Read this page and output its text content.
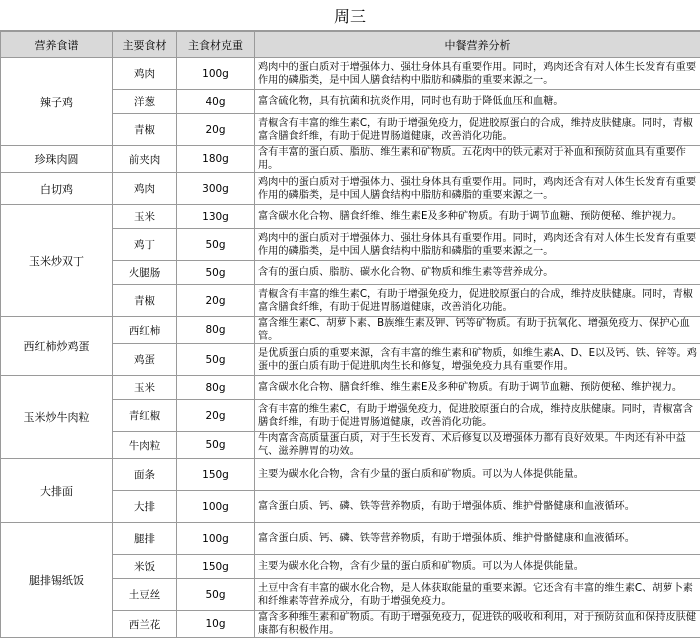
周三
营养食谱	主要食材	主食材克重	中餐营养分析
辣子鸡	鸡肉	100g	鸡肉中的蛋白质对于增强体力、强壮身体具有重要作用。同时，鸡肉还含有对人体生长发育有重要作用的磷脂类，是中国人膳食结构中脂肪和磷脂的重要来源之一。
	洋葱	40g	富含硫化物，具有抗菌和抗炎作用，同时也有助于降低血压和血糖。
	青椒	20g	青椒含有丰富的维生素C，有助于增强免疫力，促进胶原蛋白的合成，维持皮肤健康。同时，青椒富含膳食纤维，有助于促进胃肠道健康，改善消化功能。
珍珠肉圆	前夹肉	180g	含有丰富的蛋白质、脂肪、维生素和矿物质。五花肉中的铁元素对于补血和预防贫血具有重要作用。
白切鸡	鸡肉	300g	鸡肉中的蛋白质对于增强体力、强壮身体具有重要作用。同时，鸡肉还含有对人体生长发育有重要作用的磷脂类，是中国人膳食结构中脂肪和磷脂的重要来源之一。
玉米炒双丁	玉米	130g	富含碳水化合物、膳食纤维、维生素E及多种矿物质。有助于调节血糖、预防便秘、维护视力。
	鸡丁	50g	鸡肉中的蛋白质对于增强体力、强壮身体具有重要作用。同时，鸡肉还含有对人体生长发育有重要作用的磷脂类，是中国人膳食结构中脂肪和磷脂的重要来源之一。
	火腿肠	50g	含有的蛋白质、脂肪、碳水化合物、矿物质和维生素等营养成分。
	青椒	20g	青椒含有丰富的维生素C，有助于增强免疫力，促进胶原蛋白的合成，维持皮肤健康。同时，青椒富含膳食纤维，有助于促进胃肠道健康，改善消化功能。
西红柿炒鸡蛋	西红柿	80g	富含维生素C、胡萝卜素、B族维生素及钾、钙等矿物质。有助于抗氧化、增强免疫力、保护心血管。
	鸡蛋	50g	是优质蛋白质的重要来源，含有丰富的维生素和矿物质，如维生素A、D、E以及钙、铁、锌等。鸡蛋中的蛋白质有助于促进肌肉生长和修复，增强免疫力具有重要作用。
玉米炒牛肉粒	玉米	80g	富含碳水化合物、膳食纤维、维生素E及多种矿物质。有助于调节血糖、预防便秘、维护视力。
	青红椒	20g	含有丰富的维生素C，有助于增强免疫力，促进胶原蛋白的合成，维持皮肤健康。同时，青椒富含膳食纤维，有助于促进胃肠道健康，改善消化功能。
	牛肉粒	50g	牛肉富含高质量蛋白质，对于生长发育、术后修复以及增强体力都有良好效果。牛肉还有补中益气、滋养脾胃的功效。
大排面	面条	150g	主要为碳水化合物，含有少量的蛋白质和矿物质。可以为人体提供能量。
	大排	100g	富含蛋白质、钙、磷、铁等营养物质，有助于增强体质、维护骨骼健康和血液循环。
腿排锡纸饭	腿排	100g	富含蛋白质、钙、磷、铁等营养物质，有助于增强体质、维护骨骼健康和血液循环。
	米饭	150g	主要为碳水化合物，含有少量的蛋白质和矿物质。可以为人体提供能量。
	土豆丝	50g	土豆中含有丰富的碳水化合物，是人体获取能量的重要来源。它还含有丰富的维生素C、胡萝卜素和纤维素等营养成分，有助于增强免疫力。
	西兰花	10g	富含多种维生素和矿物质。有助于增强免疫力，促进铁的吸收和利用，对于预防贫血和保持皮肤健康都有积极作用。
